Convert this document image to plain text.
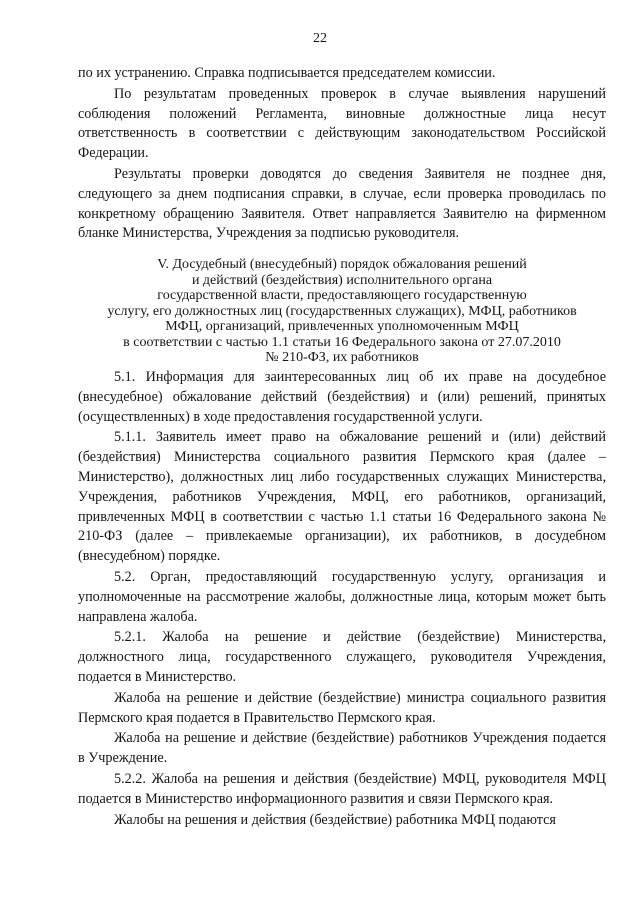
22

по их устранению. Справка подписывается председателем комиссии.

По результатам проведенных проверок в случае выявления нарушений соблюдения положений Регламента, виновные должностные лица несут ответственность в соответствии с действующим законодательством Российской Федерации.

Результаты проверки доводятся до сведения Заявителя не позднее дня, следующего за днем подписания справки, в случае, если проверка проводилась по конкретному обращению Заявителя. Ответ направляется Заявителю на фирменном бланке Министерства, Учреждения за подписью руководителя.

V. Досудебный (внесудебный) порядок обжалования решений
и действий (бездействия) исполнительного органа
государственной власти, предоставляющего государственную
услугу, его должностных лиц (государственных служащих), МФЦ, работников
МФЦ, организаций, привлеченных уполномоченным МФЦ
в соответствии с частью 1.1 статьи 16 Федерального закона от 27.07.2010
№ 210-ФЗ, их работников

5.1. Информация для заинтересованных лиц об их праве на досудебное (внесудебное) обжалование действий (бездействия) и (или) решений, принятых (осуществленных) в ходе предоставления государственной услуги.

5.1.1. Заявитель имеет право на обжалование решений и (или) действий (бездействия) Министерства социального развития Пермского края (далее – Министерство), должностных лиц либо государственных служащих Министерства, Учреждения, работников Учреждения, МФЦ, его работников, организаций, привлеченных МФЦ в соответствии с частью 1.1 статьи 16 Федерального закона № 210-ФЗ (далее – привлекаемые организации), их работников, в досудебном (внесудебном) порядке.

5.2. Орган, предоставляющий государственную услугу, организация и уполномоченные на рассмотрение жалобы, должностные лица, которым может быть направлена жалоба.

5.2.1. Жалоба на решение и действие (бездействие) Министерства, должностного лица, государственного служащего, руководителя Учреждения, подается в Министерство.

Жалоба на решение и действие (бездействие) министра социального развития Пермского края подается в Правительство Пермского края.

Жалоба на решение и действие (бездействие) работников Учреждения подается в Учреждение.

5.2.2. Жалоба на решения и действия (бездействие) МФЦ, руководителя МФЦ подается в Министерство информационного развития и связи Пермского края.

Жалобы на решения и действия (бездействие) работника МФЦ подаются
